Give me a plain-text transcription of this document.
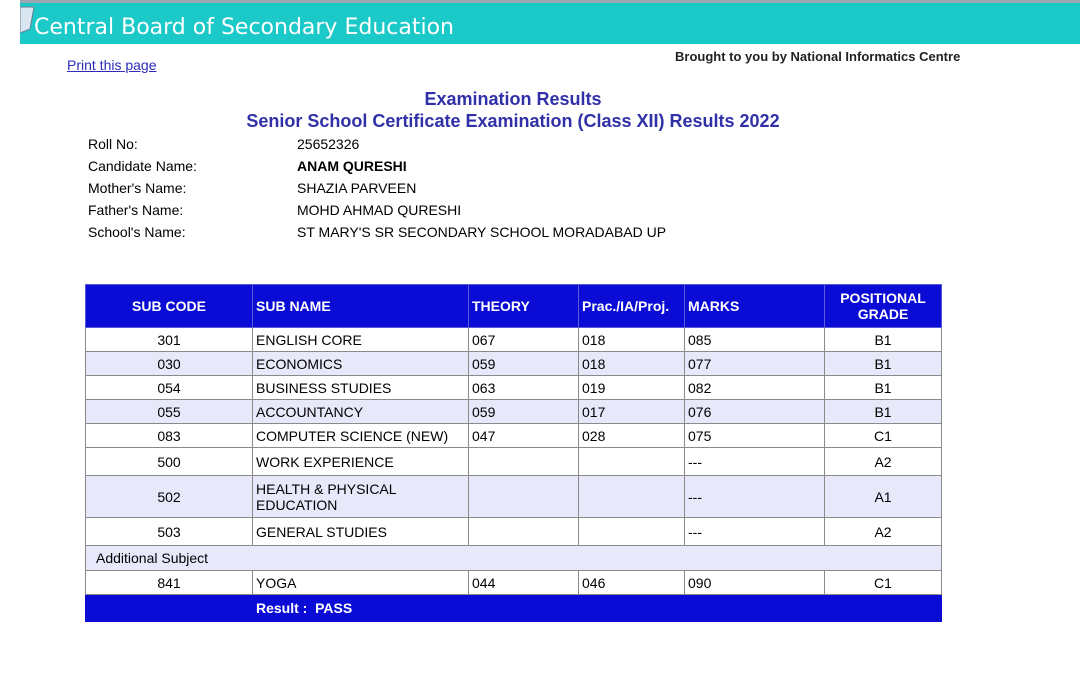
Central Board of Secondary Education
Print this page
Brought to you by National Informatics Centre
Examination Results
Senior School Certificate Examination (Class XII) Results 2022
Roll No:	25652326
Candidate Name:	ANAM QURESHI
Mother's Name:	SHAZIA PARVEEN
Father's Name:	MOHD AHMAD QURESHI
School's Name:	ST MARY'S SR SECONDARY SCHOOL MORADABAD UP
SUB CODE	SUB NAME	THEORY	Prac./IA/Proj.	MARKS	POSITIONAL GRADE
301	ENGLISH CORE	067	018	085	B1
030	ECONOMICS	059	018	077	B1
054	BUSINESS STUDIES	063	019	082	B1
055	ACCOUNTANCY	059	017	076	B1
083	COMPUTER SCIENCE (NEW)	047	028	075	C1
500	WORK EXPERIENCE			---	A2
502	HEALTH & PHYSICAL EDUCATION			---	A1
503	GENERAL STUDIES			---	A2
Additional Subject					
841	YOGA	044	046	090	C1
	Result : PASS				
